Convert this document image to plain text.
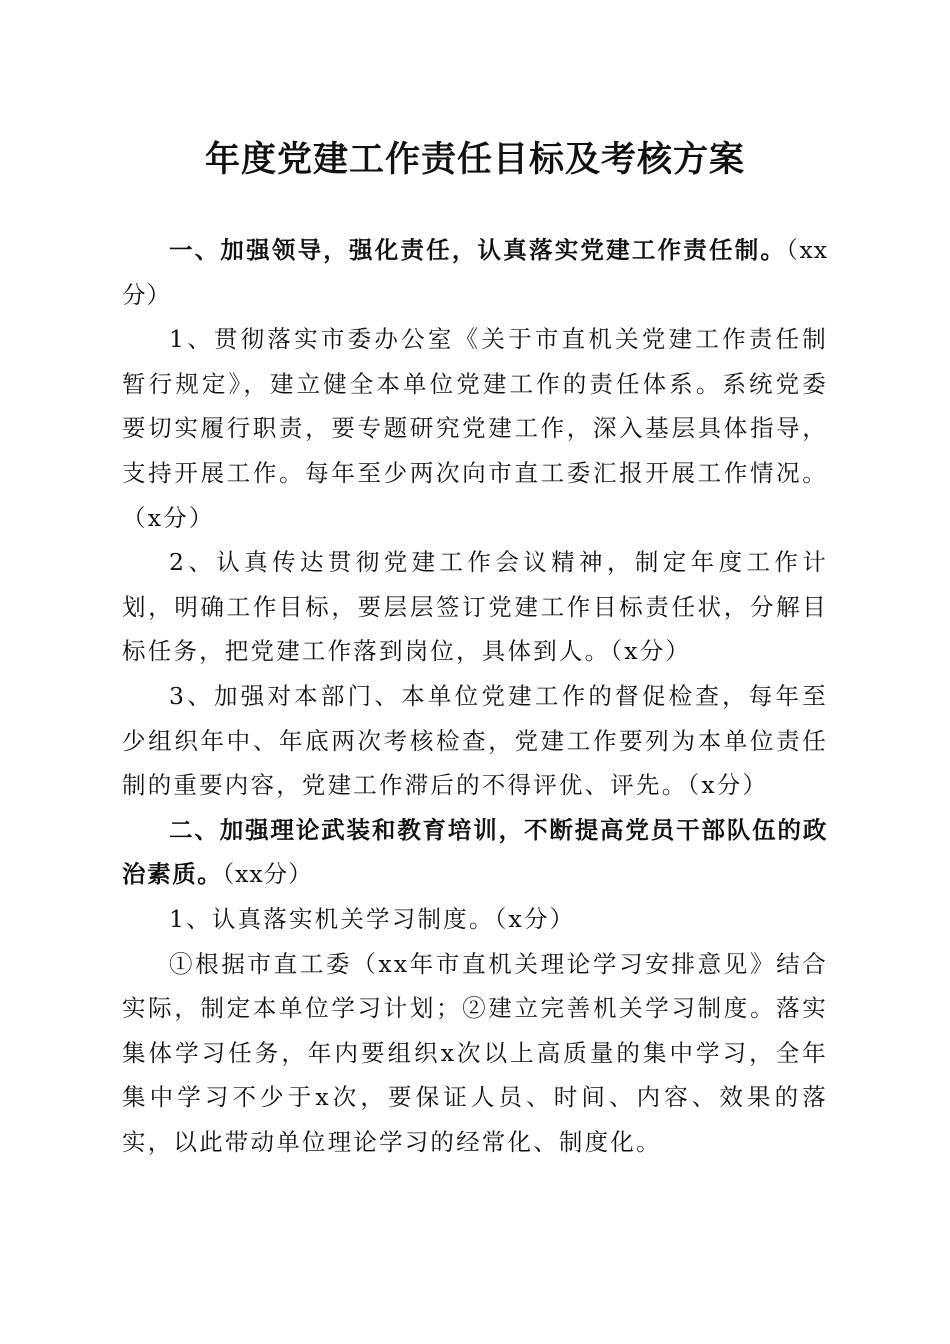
年度党建工作责任目标及考核方案

一、加强领导，强化责任，认真落实党建工作责任制。（xx分）

1、贯彻落实市委办公室《关于市直机关党建工作责任制暂行规定》，建立健全本单位党建工作的责任体系。系统党委要切实履行职责，要专题研究党建工作，深入基层具体指导，支持开展工作。每年至少两次向市直工委汇报开展工作情况。（x分）

2、认真传达贯彻党建工作会议精神，制定年度工作计划，明确工作目标，要层层签订党建工作目标责任状，分解目标任务，把党建工作落到岗位，具体到人。（x分）

3、加强对本部门、本单位党建工作的督促检查，每年至少组织年中、年底两次考核检查，党建工作要列为本单位责任制的重要内容，党建工作滞后的不得评优、评先。（x分）

二、加强理论武装和教育培训，不断提高党员干部队伍的政治素质。（xx分）

1、认真落实机关学习制度。（x分）

①根据市直工委（xx年市直机关理论学习安排意见》结合实际，制定本单位学习计划；②建立完善机关学习制度。落实集体学习任务，年内要组织x次以上高质量的集中学习，全年集中学习不少于x次，要保证人员、时间、内容、效果的落实，以此带动单位理论学习的经常化、制度化。
